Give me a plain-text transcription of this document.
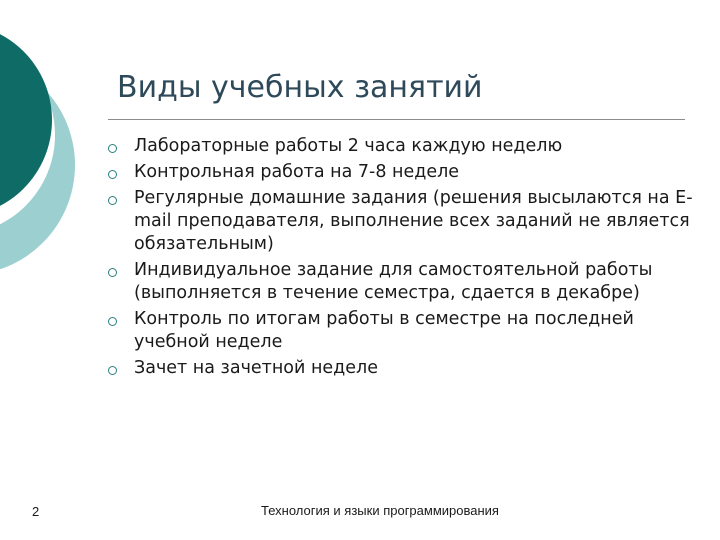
Виды учебных занятий
Лабораторные работы 2 часа каждую неделю
Контрольная работа на 7-8 неделе
Регулярные домашние задания (решения высылаются на E-mail преподавателя, выполнение всех заданий не является обязательным)
Индивидуальное задание для самостоятельной работы (выполняется в течение семестра, сдается в декабре)
Контроль по итогам работы в семестре на последней учебной неделе
Зачет на зачетной неделе
2	Технология и языки программирования
